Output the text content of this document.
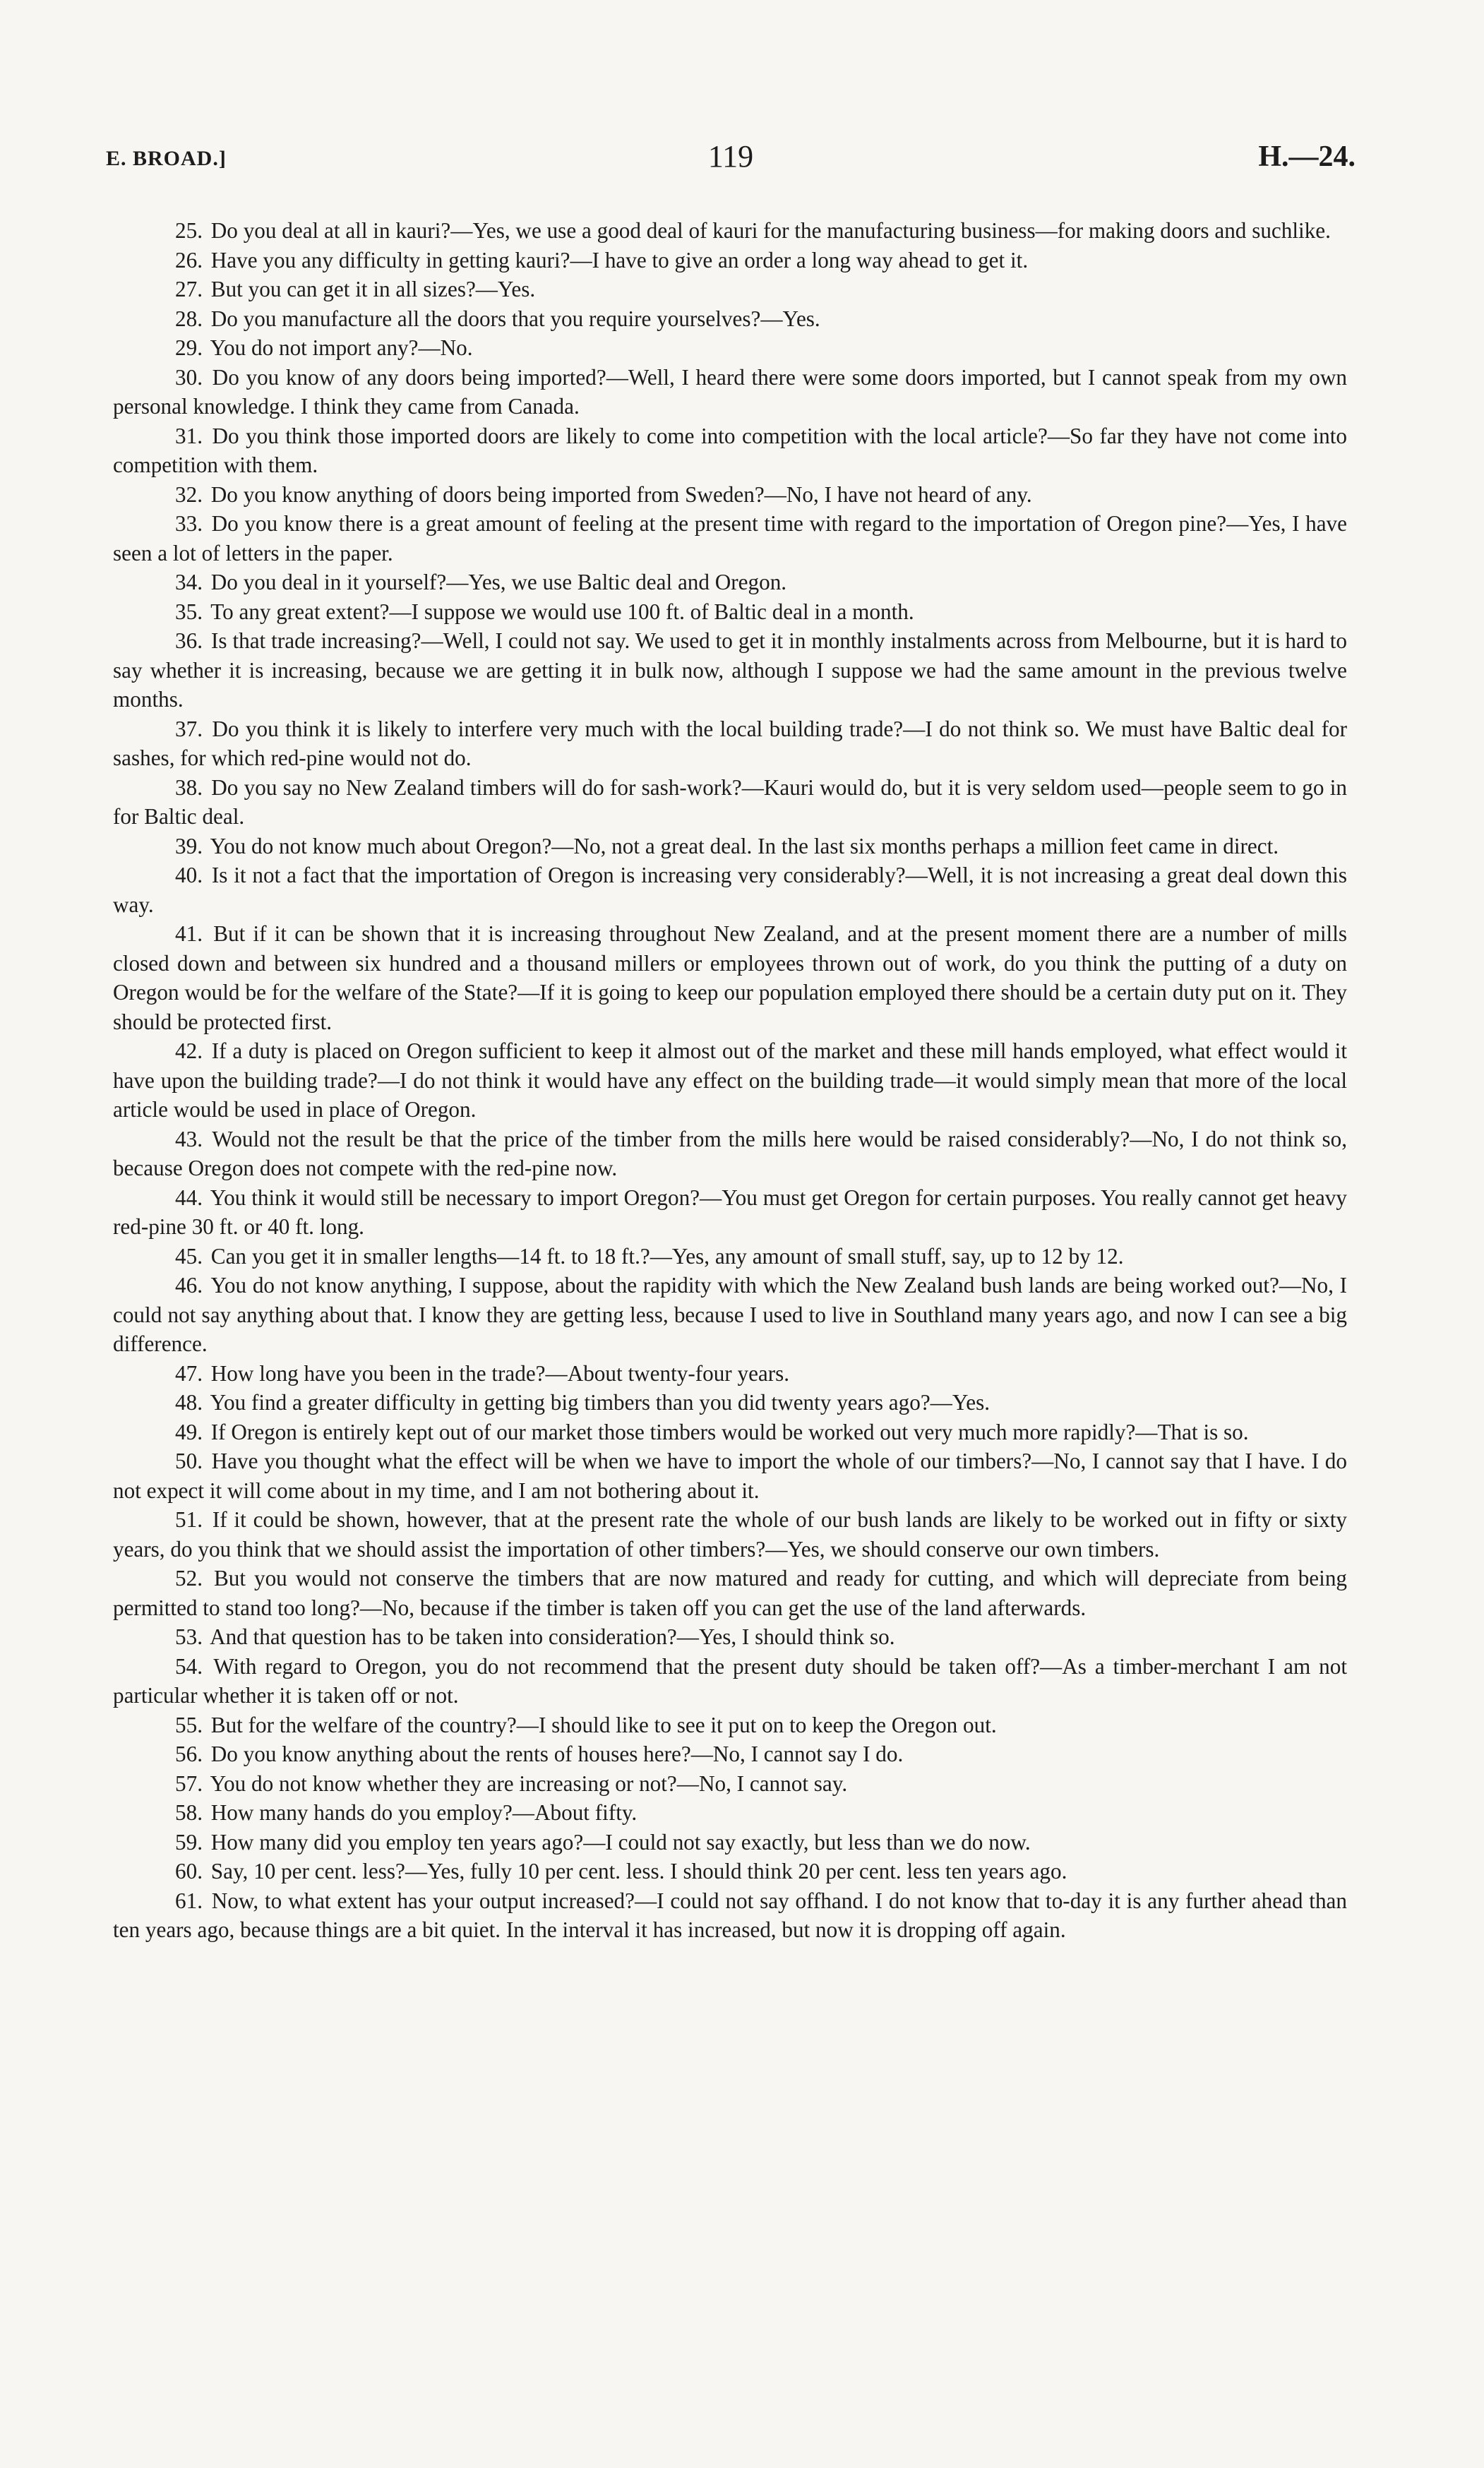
E. BROAD.]	119	H.—24.

25. Do you deal at all in kauri?—Yes, we use a good deal of kauri for the manufacturing business—for making doors and suchlike.

26. Have you any difficulty in getting kauri?—I have to give an order a long way ahead to get it.

27. But you can get it in all sizes?—Yes.

28. Do you manufacture all the doors that you require yourselves?—Yes.

29. You do not import any?—No.

30. Do you know of any doors being imported?—Well, I heard there were some doors imported, but I cannot speak from my own personal knowledge. I think they came from Canada.

31. Do you think those imported doors are likely to come into competition with the local article?—So far they have not come into competition with them.

32. Do you know anything of doors being imported from Sweden?—No, I have not heard of any.

33. Do you know there is a great amount of feeling at the present time with regard to the importation of Oregon pine?—Yes, I have seen a lot of letters in the paper.

34. Do you deal in it yourself?—Yes, we use Baltic deal and Oregon.

35. To any great extent?—I suppose we would use 100 ft. of Baltic deal in a month.

36. Is that trade increasing?—Well, I could not say. We used to get it in monthly instalments across from Melbourne, but it is hard to say whether it is increasing, because we are getting it in bulk now, although I suppose we had the same amount in the previous twelve months.

37. Do you think it is likely to interfere very much with the local building trade?—I do not think so. We must have Baltic deal for sashes, for which red-pine would not do.

38. Do you say no New Zealand timbers will do for sash-work?—Kauri would do, but it is very seldom used—people seem to go in for Baltic deal.

39. You do not know much about Oregon?—No, not a great deal. In the last six months perhaps a million feet came in direct.

40. Is it not a fact that the importation of Oregon is increasing very considerably?—Well, it is not increasing a great deal down this way.

41. But if it can be shown that it is increasing throughout New Zealand, and at the present moment there are a number of mills closed down and between six hundred and a thousand millers or employees thrown out of work, do you think the putting of a duty on Oregon would be for the welfare of the State?—If it is going to keep our population employed there should be a certain duty put on it. They should be protected first.

42. If a duty is placed on Oregon sufficient to keep it almost out of the market and these mill hands employed, what effect would it have upon the building trade?—I do not think it would have any effect on the building trade—it would simply mean that more of the local article would be used in place of Oregon.

43. Would not the result be that the price of the timber from the mills here would be raised considerably?—No, I do not think so, because Oregon does not compete with the red-pine now.

44. You think it would still be necessary to import Oregon?—You must get Oregon for certain purposes. You really cannot get heavy red-pine 30 ft. or 40 ft. long.

45. Can you get it in smaller lengths—14 ft. to 18 ft.?—Yes, any amount of small stuff, say, up to 12 by 12.

46. You do not know anything, I suppose, about the rapidity with which the New Zealand bush lands are being worked out?—No, I could not say anything about that. I know they are getting less, because I used to live in Southland many years ago, and now I can see a big difference.

47. How long have you been in the trade?—About twenty-four years.

48. You find a greater difficulty in getting big timbers than you did twenty years ago?—Yes.

49. If Oregon is entirely kept out of our market those timbers would be worked out very much more rapidly?—That is so.

50. Have you thought what the effect will be when we have to import the whole of our timbers?—No, I cannot say that I have. I do not expect it will come about in my time, and I am not bothering about it.

51. If it could be shown, however, that at the present rate the whole of our bush lands are likely to be worked out in fifty or sixty years, do you think that we should assist the importation of other timbers?—Yes, we should conserve our own timbers.

52. But you would not conserve the timbers that are now matured and ready for cutting, and which will depreciate from being permitted to stand too long?—No, because if the timber is taken off you can get the use of the land afterwards.

53. And that question has to be taken into consideration?—Yes, I should think so.

54. With regard to Oregon, you do not recommend that the present duty should be taken off?—As a timber-merchant I am not particular whether it is taken off or not.

55. But for the welfare of the country?—I should like to see it put on to keep the Oregon out.

56. Do you know anything about the rents of houses here?—No, I cannot say I do.

57. You do not know whether they are increasing or not?—No, I cannot say.

58. How many hands do you employ?—About fifty.

59. How many did you employ ten years ago?—I could not say exactly, but less than we do now.

60. Say, 10 per cent. less?—Yes, fully 10 per cent. less. I should think 20 per cent. less ten years ago.

61. Now, to what extent has your output increased?—I could not say offhand. I do not know that to-day it is any further ahead than ten years ago, because things are a bit quiet. In the interval it has increased, but now it is dropping off again.
